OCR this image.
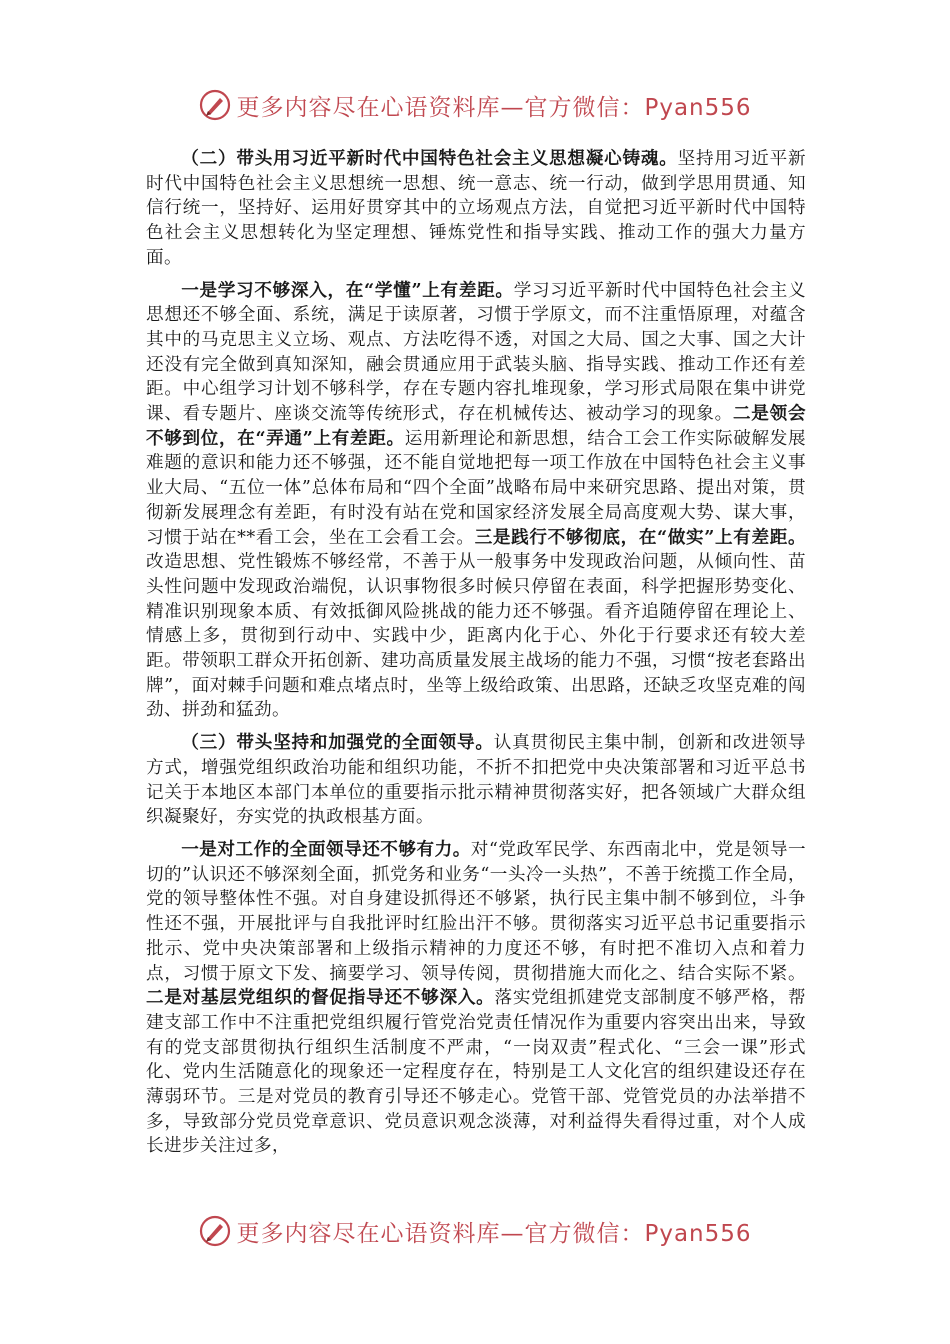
更多内容尽在心语资料库—官方微信：Pyan556

（二）带头用习近平新时代中国特色社会主义思想凝心铸魂。坚持用习近平新时代中国特色社会主义思想统一思想、统一意志、统一行动，做到学思用贯通、知信行统一，坚持好、运用好贯穿其中的立场观点方法，自觉把习近平新时代中国特色社会主义思想转化为坚定理想、锤炼党性和指导实践、推动工作的强大力量方面。

一是学习不够深入，在“学懂”上有差距。学习习近平新时代中国特色社会主义思想还不够全面、系统，满足于读原著，习惯于学原文，而不注重悟原理，对蕴含其中的马克思主义立场、观点、方法吃得不透，对国之大局、国之大事、国之大计还没有完全做到真知深知，融会贯通应用于武装头脑、指导实践、推动工作还有差距。中心组学习计划不够科学，存在专题内容扎堆现象，学习形式局限在集中讲党课、看专题片、座谈交流等传统形式，存在机械传达、被动学习的现象。二是领会不够到位，在“弄通”上有差距。运用新理论和新思想，结合工会工作实际破解发展难题的意识和能力还不够强，还不能自觉地把每一项工作放在中国特色社会主义事业大局、“五位一体”总体布局和“四个全面”战略布局中来研究思路、提出对策，贯彻新发展理念有差距，有时没有站在党和国家经济发展全局高度观大势、谋大事，习惯于站在**看工会，坐在工会看工会。三是践行不够彻底，在“做实”上有差距。改造思想、党性锻炼不够经常，不善于从一般事务中发现政治问题，从倾向性、苗头性问题中发现政治端倪，认识事物很多时候只停留在表面，科学把握形势变化、精准识别现象本质、有效抵御风险挑战的能力还不够强。看齐追随停留在理论上、情感上多，贯彻到行动中、实践中少，距离内化于心、外化于行要求还有较大差距。带领职工群众开拓创新、建功高质量发展主战场的能力不强，习惯“按老套路出牌”，面对棘手问题和难点堵点时，坐等上级给政策、出思路，还缺乏攻坚克难的闯劲、拼劲和猛劲。

（三）带头坚持和加强党的全面领导。认真贯彻民主集中制，创新和改进领导方式，增强党组织政治功能和组织功能，不折不扣把党中央决策部署和习近平总书记关于本地区本部门本单位的重要指示批示精神贯彻落实好，把各领域广大群众组织凝聚好，夯实党的执政根基方面。

一是对工作的全面领导还不够有力。对“党政军民学、东西南北中，党是领导一切的”认识还不够深刻全面，抓党务和业务“一头冷一头热”，不善于统揽工作全局，党的领导整体性不强。对自身建设抓得还不够紧，执行民主集中制不够到位，斗争性还不强，开展批评与自我批评时红脸出汗不够。贯彻落实习近平总书记重要指示批示、党中央决策部署和上级指示精神的力度还不够，有时把不准切入点和着力点，习惯于原文下发、摘要学习、领导传阅，贯彻措施大而化之、结合实际不紧。二是对基层党组织的督促指导还不够深入。落实党组抓建党支部制度不够严格，帮建支部工作中不注重把党组织履行管党治党责任情况作为重要内容突出出来，导致有的党支部贯彻执行组织生活制度不严肃，“一岗双责”程式化、“三会一课”形式化、党内生活随意化的现象还一定程度存在，特别是工人文化宫的组织建设还存在薄弱环节。三是对党员的教育引导还不够走心。党管干部、党管党员的办法举措不多，导致部分党员党章意识、党员意识观念淡薄，对利益得失看得过重，对个人成长进步关注过多，

更多内容尽在心语资料库—官方微信：Pyan556
